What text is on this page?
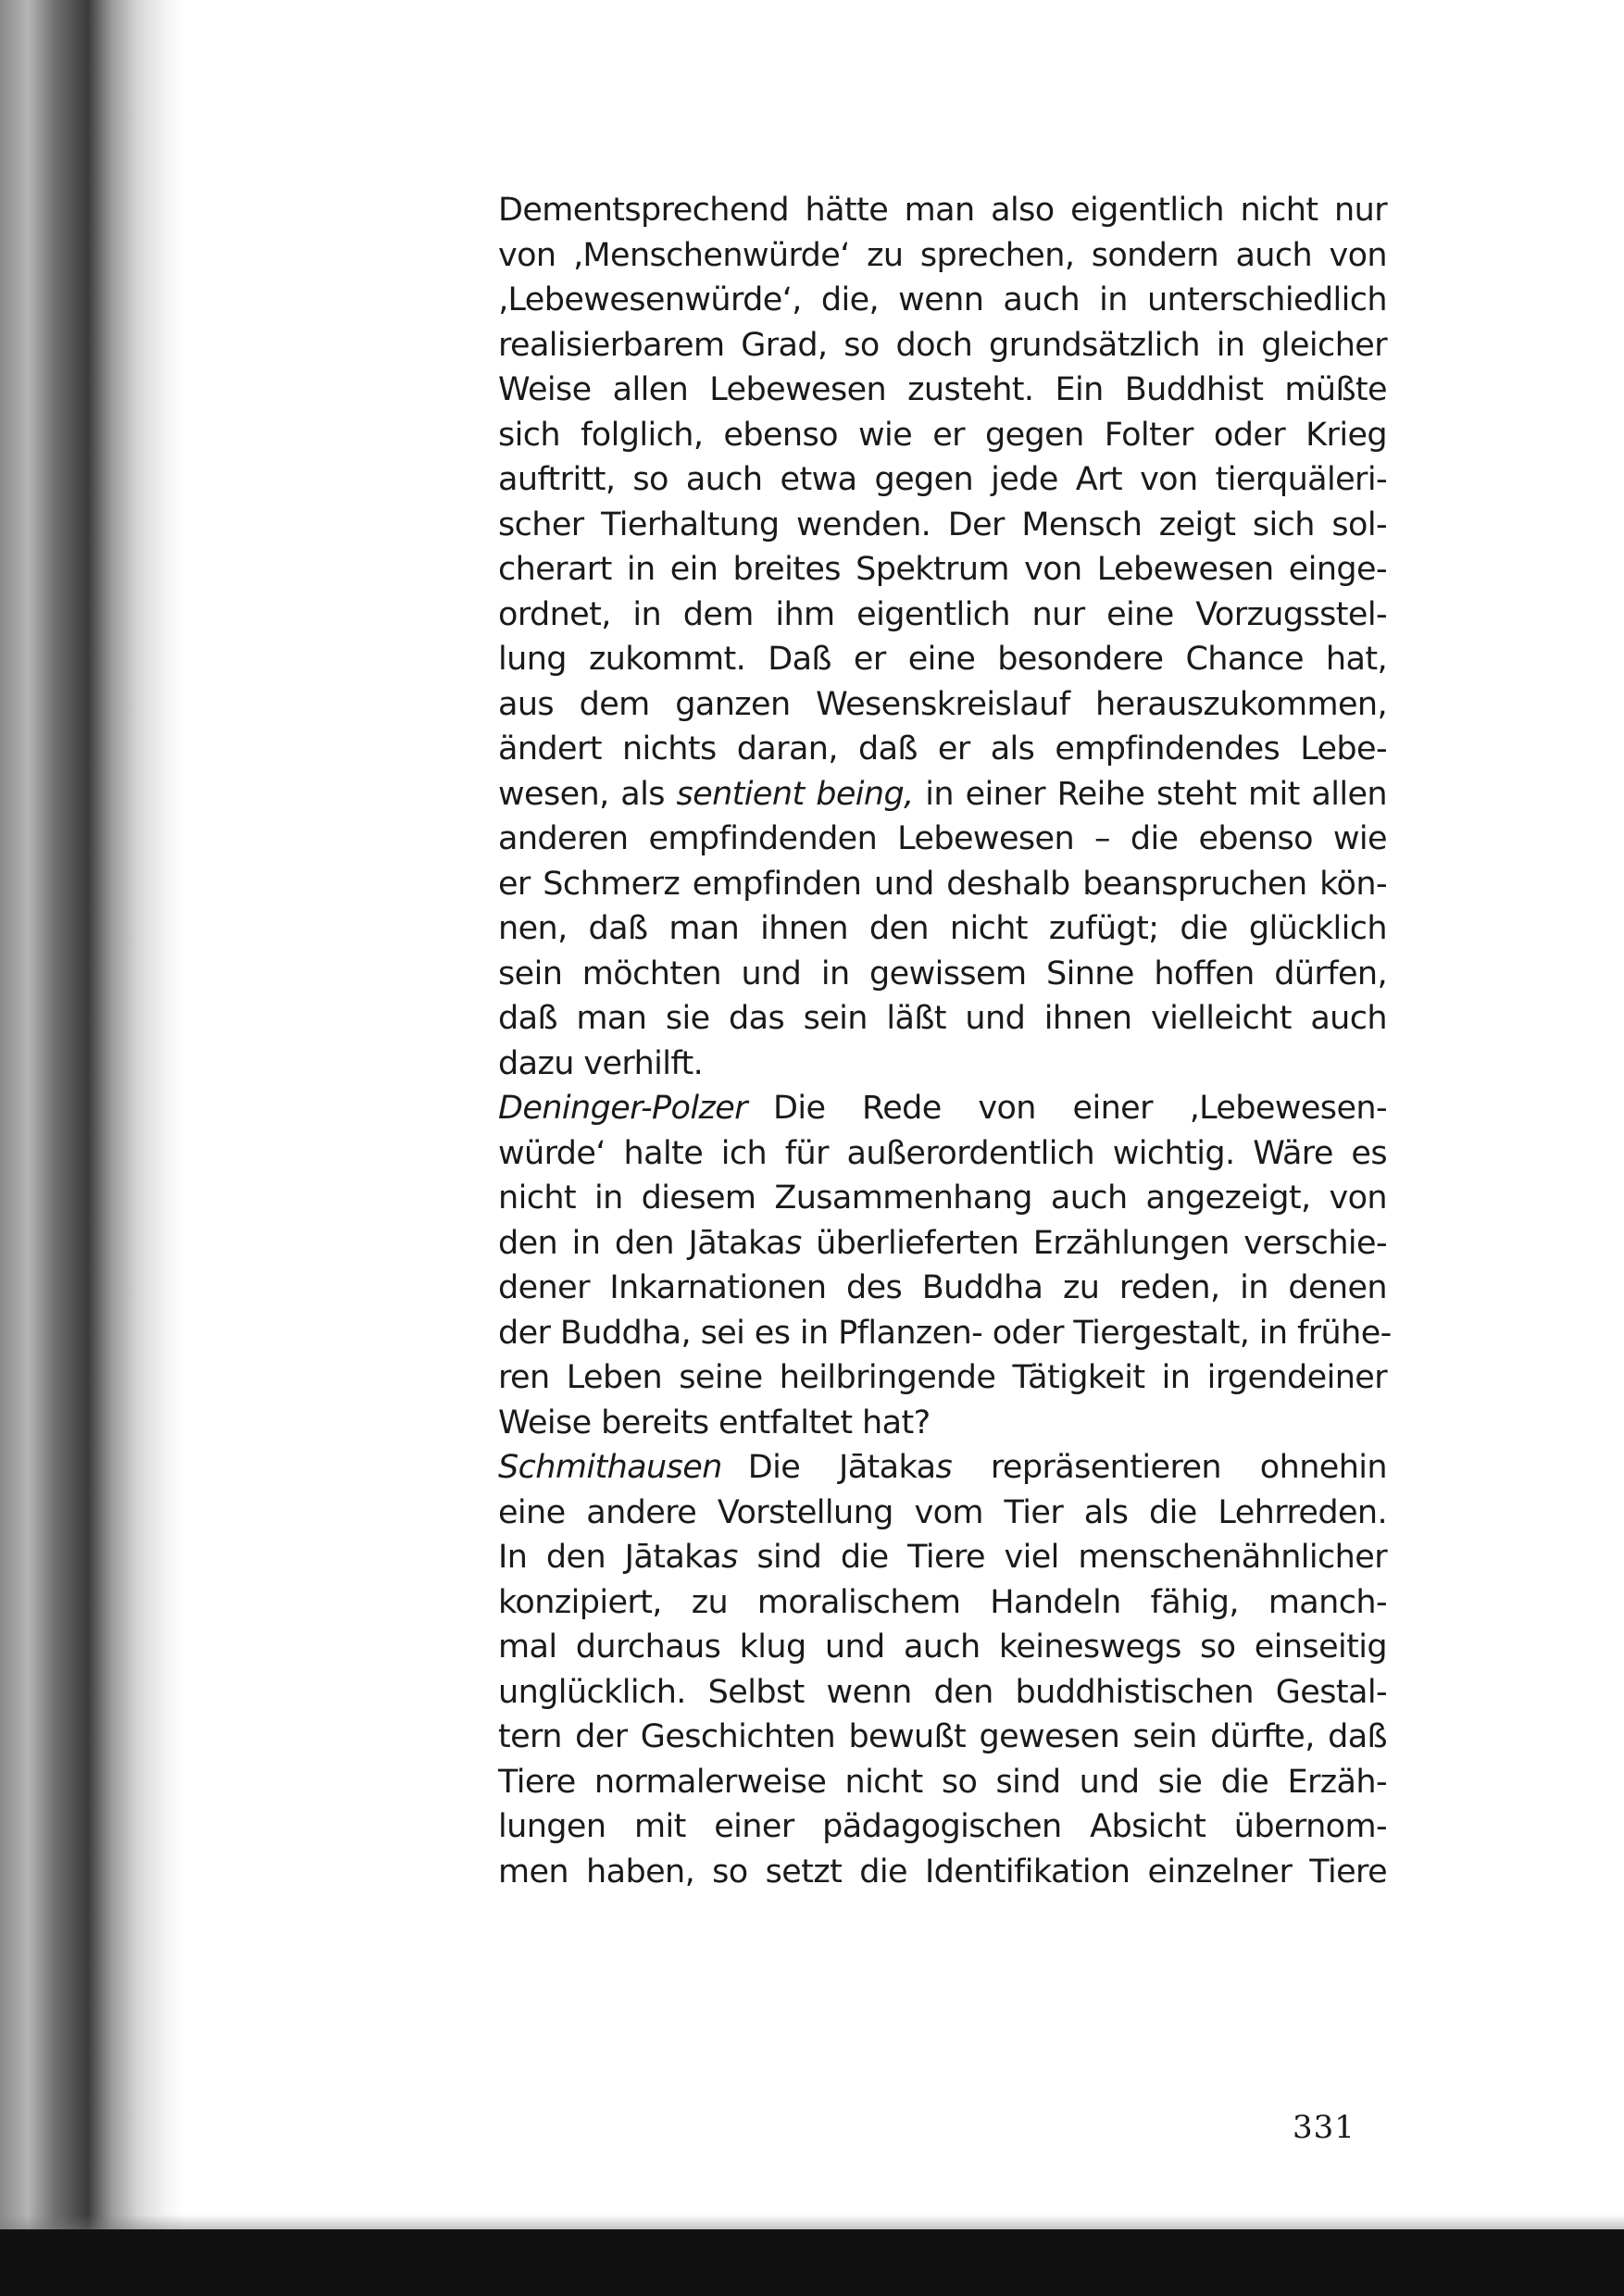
Dementsprechend hätte man also eigentlich nicht nur
von ‚Menschenwürde‘ zu sprechen, sondern auch von
‚Lebewesenwürde‘, die, wenn auch in unterschiedlich
realisierbarem Grad, so doch grundsätzlich in gleicher
Weise allen Lebewesen zusteht. Ein Buddhist müßte
sich folglich, ebenso wie er gegen Folter oder Krieg
auftritt, so auch etwa gegen jede Art von tierquäleri-
scher Tierhaltung wenden. Der Mensch zeigt sich sol-
cherart in ein breites Spektrum von Lebewesen einge-
ordnet, in dem ihm eigentlich nur eine Vorzugsstel-
lung zukommt. Daß er eine besondere Chance hat,
aus dem ganzen Wesenskreislauf herauszukommen,
ändert nichts daran, daß er als empfindendes Lebe-
wesen, als sentient being, in einer Reihe steht mit allen
anderen empfindenden Lebewesen – die ebenso wie
er Schmerz empfinden und deshalb beanspruchen kön-
nen, daß man ihnen den nicht zufügt; die glücklich
sein möchten und in gewissem Sinne hoffen dürfen,
daß man sie das sein läßt und ihnen vielleicht auch
dazu verhilft.
Deninger-Polzer Die Rede von einer ‚Lebewesen-
würde‘ halte ich für außerordentlich wichtig. Wäre es
nicht in diesem Zusammenhang auch angezeigt, von
den in den Jātakas überlieferten Erzählungen verschie-
dener Inkarnationen des Buddha zu reden, in denen
der Buddha, sei es in Pflanzen- oder Tiergestalt, in frühe-
ren Leben seine heilbringende Tätigkeit in irgendeiner
Weise bereits entfaltet hat?
Schmithausen Die Jātakas repräsentieren ohnehin
eine andere Vorstellung vom Tier als die Lehrreden.
In den Jātakas sind die Tiere viel menschenähnlicher
konzipiert, zu moralischem Handeln fähig, manch-
mal durchaus klug und auch keineswegs so einseitig
unglücklich. Selbst wenn den buddhistischen Gestal-
tern der Geschichten bewußt gewesen sein dürfte, daß
Tiere normalerweise nicht so sind und sie die Erzäh-
lungen mit einer pädagogischen Absicht übernom-
men haben, so setzt die Identifikation einzelner Tiere
331
